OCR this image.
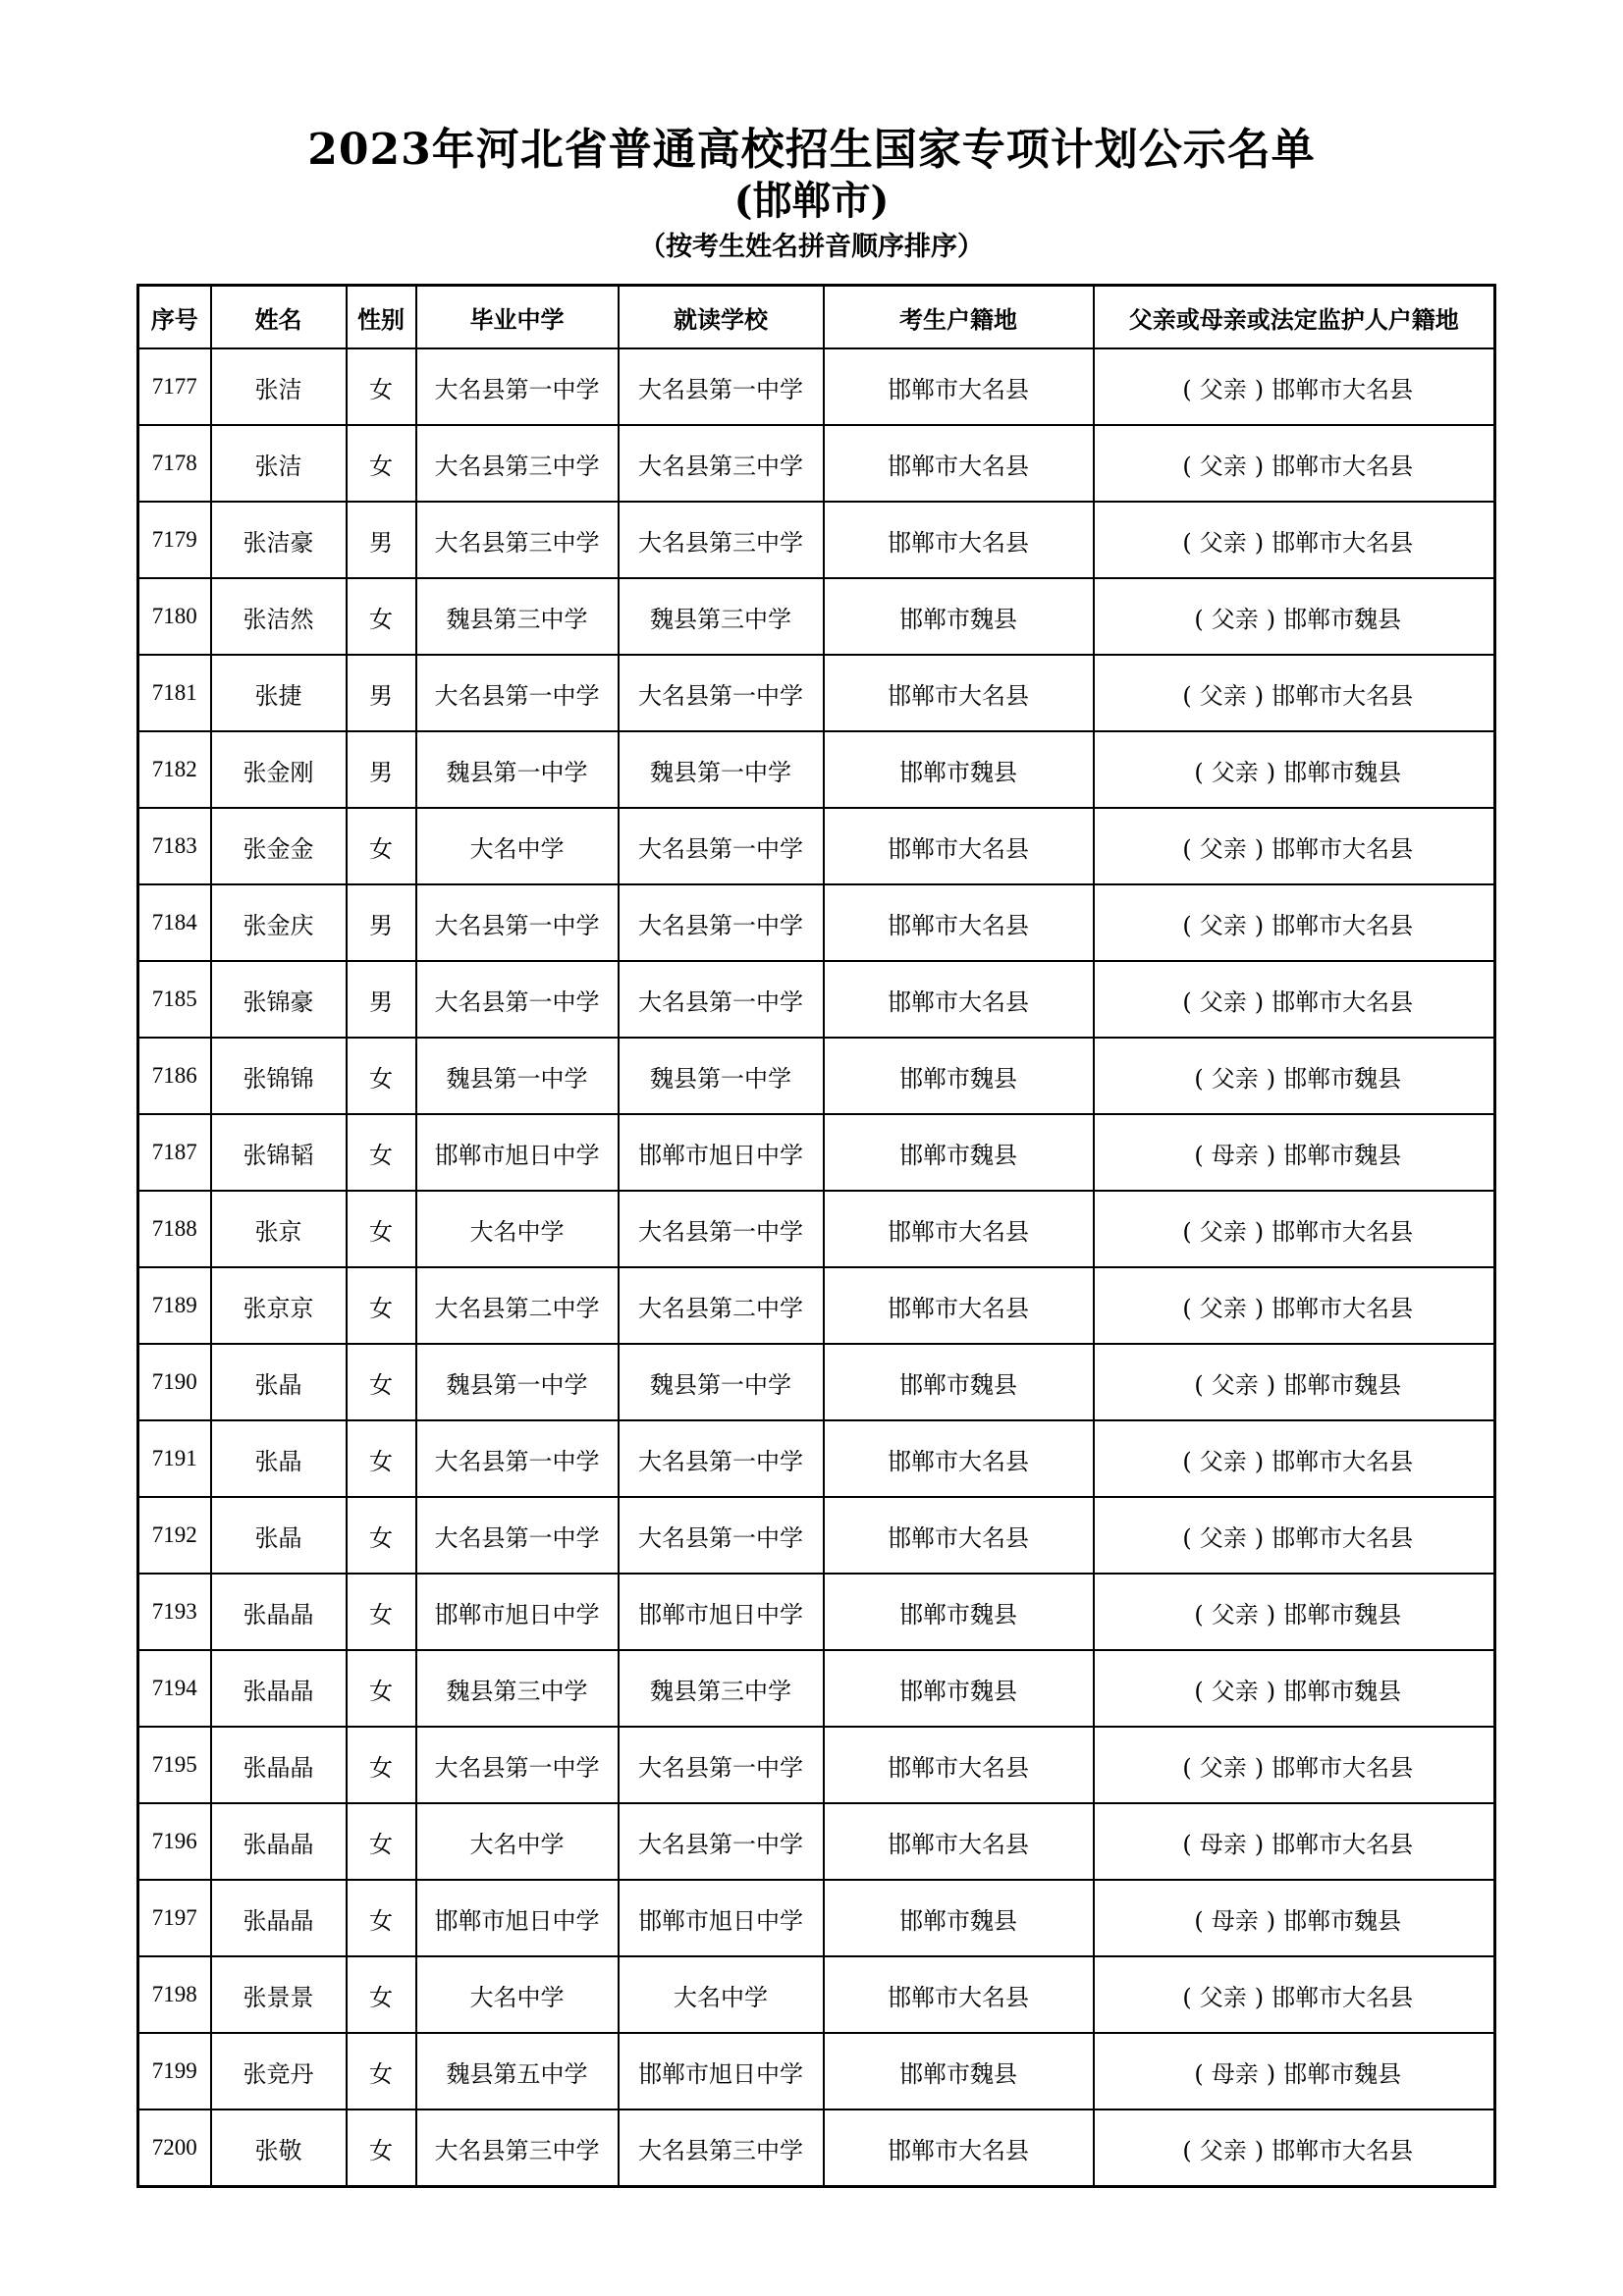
2023年河北省普通高校招生国家专项计划公示名单
(邯郸市)
（按考生姓名拼音顺序排序）
序号	姓名	性别	毕业中学	就读学校	考生户籍地	父亲或母亲或法定监护人户籍地
7177	张洁	女	大名县第一中学	大名县第一中学	邯郸市大名县	( 父亲 ) 邯郸市大名县
7178	张洁	女	大名县第三中学	大名县第三中学	邯郸市大名县	( 父亲 ) 邯郸市大名县
7179	张洁豪	男	大名县第三中学	大名县第三中学	邯郸市大名县	( 父亲 ) 邯郸市大名县
7180	张洁然	女	魏县第三中学	魏县第三中学	邯郸市魏县	( 父亲 ) 邯郸市魏县
7181	张捷	男	大名县第一中学	大名县第一中学	邯郸市大名县	( 父亲 ) 邯郸市大名县
7182	张金刚	男	魏县第一中学	魏县第一中学	邯郸市魏县	( 父亲 ) 邯郸市魏县
7183	张金金	女	大名中学	大名县第一中学	邯郸市大名县	( 父亲 ) 邯郸市大名县
7184	张金庆	男	大名县第一中学	大名县第一中学	邯郸市大名县	( 父亲 ) 邯郸市大名县
7185	张锦豪	男	大名县第一中学	大名县第一中学	邯郸市大名县	( 父亲 ) 邯郸市大名县
7186	张锦锦	女	魏县第一中学	魏县第一中学	邯郸市魏县	( 父亲 ) 邯郸市魏县
7187	张锦韬	女	邯郸市旭日中学	邯郸市旭日中学	邯郸市魏县	( 母亲 ) 邯郸市魏县
7188	张京	女	大名中学	大名县第一中学	邯郸市大名县	( 父亲 ) 邯郸市大名县
7189	张京京	女	大名县第二中学	大名县第二中学	邯郸市大名县	( 父亲 ) 邯郸市大名县
7190	张晶	女	魏县第一中学	魏县第一中学	邯郸市魏县	( 父亲 ) 邯郸市魏县
7191	张晶	女	大名县第一中学	大名县第一中学	邯郸市大名县	( 父亲 ) 邯郸市大名县
7192	张晶	女	大名县第一中学	大名县第一中学	邯郸市大名县	( 父亲 ) 邯郸市大名县
7193	张晶晶	女	邯郸市旭日中学	邯郸市旭日中学	邯郸市魏县	( 父亲 ) 邯郸市魏县
7194	张晶晶	女	魏县第三中学	魏县第三中学	邯郸市魏县	( 父亲 ) 邯郸市魏县
7195	张晶晶	女	大名县第一中学	大名县第一中学	邯郸市大名县	( 父亲 ) 邯郸市大名县
7196	张晶晶	女	大名中学	大名县第一中学	邯郸市大名县	( 母亲 ) 邯郸市大名县
7197	张晶晶	女	邯郸市旭日中学	邯郸市旭日中学	邯郸市魏县	( 母亲 ) 邯郸市魏县
7198	张景景	女	大名中学	大名中学	邯郸市大名县	( 父亲 ) 邯郸市大名县
7199	张竞丹	女	魏县第五中学	邯郸市旭日中学	邯郸市魏县	( 母亲 ) 邯郸市魏县
7200	张敬	女	大名县第三中学	大名县第三中学	邯郸市大名县	( 父亲 ) 邯郸市大名县
